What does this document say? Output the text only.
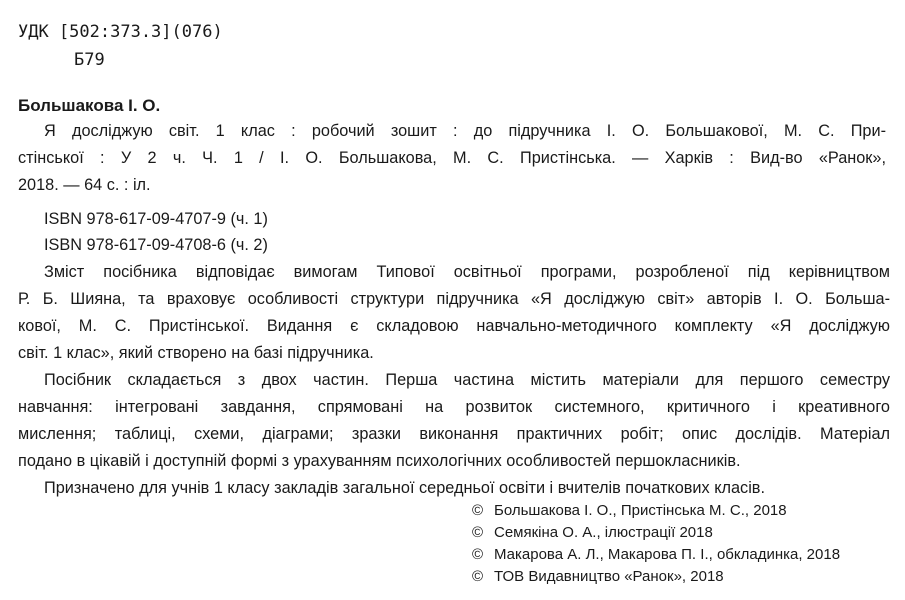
УДК [502:373.3](076)
Б79
Большакова І. О.
Я досліджую світ. 1 клас : робочий зошит : до підручника І. О. Большакової, М. С. При-
стінської : У 2 ч. Ч. 1 / І. О. Большакова, М. С. Пристінська. — Харків : Вид-во «Ранок»,
2018. — 64 с. : іл.
ISBN 978-617-09-4707-9 (ч. 1)
ISBN 978-617-09-4708-6 (ч. 2)
Зміст посібника відповідає вимогам Типової освітньої програми, розробленої під керівництвом
Р. Б. Шияна, та враховує особливості структури підручника «Я досліджую світ» авторів І. О. Больша-
кової, М. С. Пристінської. Видання є складовою навчально-методичного комплекту «Я досліджую
світ. 1 клас», який створено на базі підручника.
Посібник складається з двох частин. Перша частина містить матеріали для першого семестру
навчання: інтегровані завдання, спрямовані на розвиток системного, критичного і креативного
мислення; таблиці, схеми, діаграми; зразки виконання практичних робіт; опис дослідів. Матеріал
подано в цікавій і доступній формі з урахуванням психологічних особливостей першокласників.
Призначено для учнів 1 класу закладів загальної середньої освіти і вчителів початкових класів.
© Большакова І. О., Пристінська М. С., 2018
© Семякіна О. А., ілюстрації 2018
© Макарова А. Л., Макарова П. І., обкладинка, 2018
© ТОВ Видавництво «Ранок», 2018
